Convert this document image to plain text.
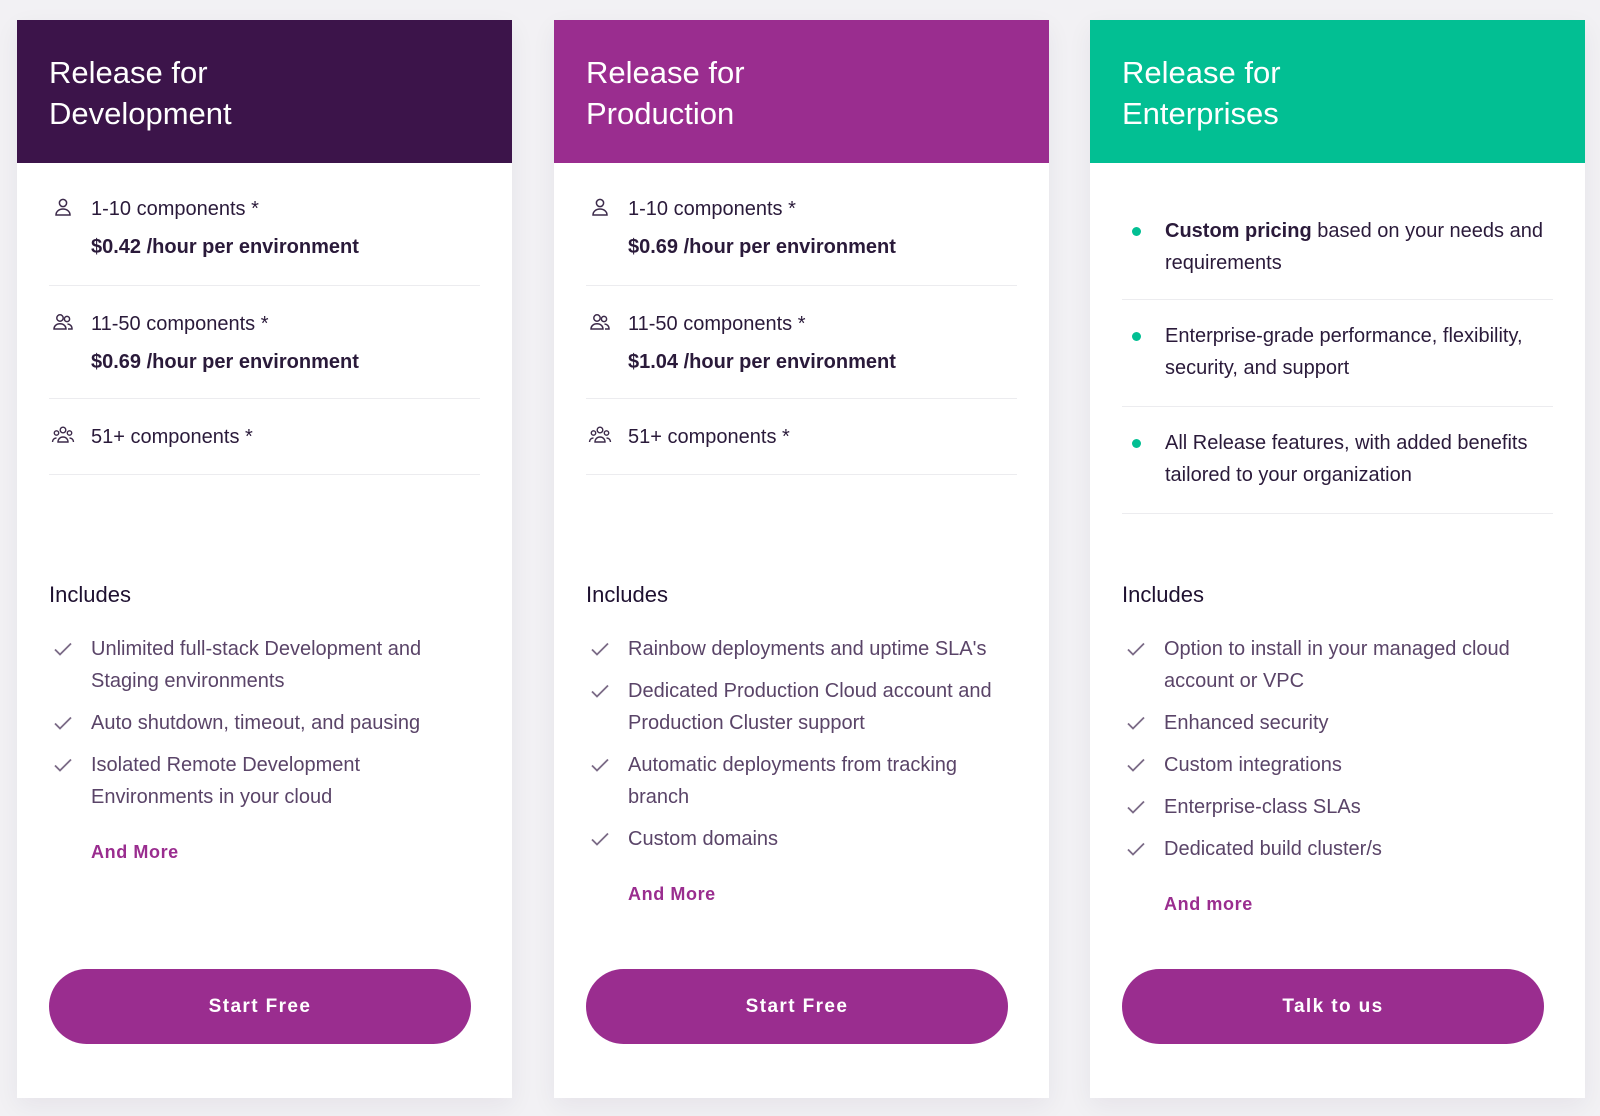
Release for
Development
1-10 components *
$0.42 /hour per environment
11-50 components *
$0.69 /hour per environment
51+ components *
Includes
Unlimited full-stack Development and Staging environments
Auto shutdown, timeout, and pausing
Isolated Remote Development Environments in your cloud
And More
Start Free
Release for
Production
1-10 components *
$0.69 /hour per environment
11-50 components *
$1.04 /hour per environment
51+ components *
Includes
Rainbow deployments and uptime SLA's
Dedicated Production Cloud account and Production Cluster support
Automatic deployments from tracking branch
Custom domains
And More
Start Free
Release for
Enterprises
Custom pricing based on your needs and requirements
Enterprise-grade performance, flexibility, security, and support
All Release features, with added benefits tailored to your organization
Includes
Option to install in your managed cloud account or VPC
Enhanced security
Custom integrations
Enterprise-class SLAs
Dedicated build cluster/s
And more
Talk to us
